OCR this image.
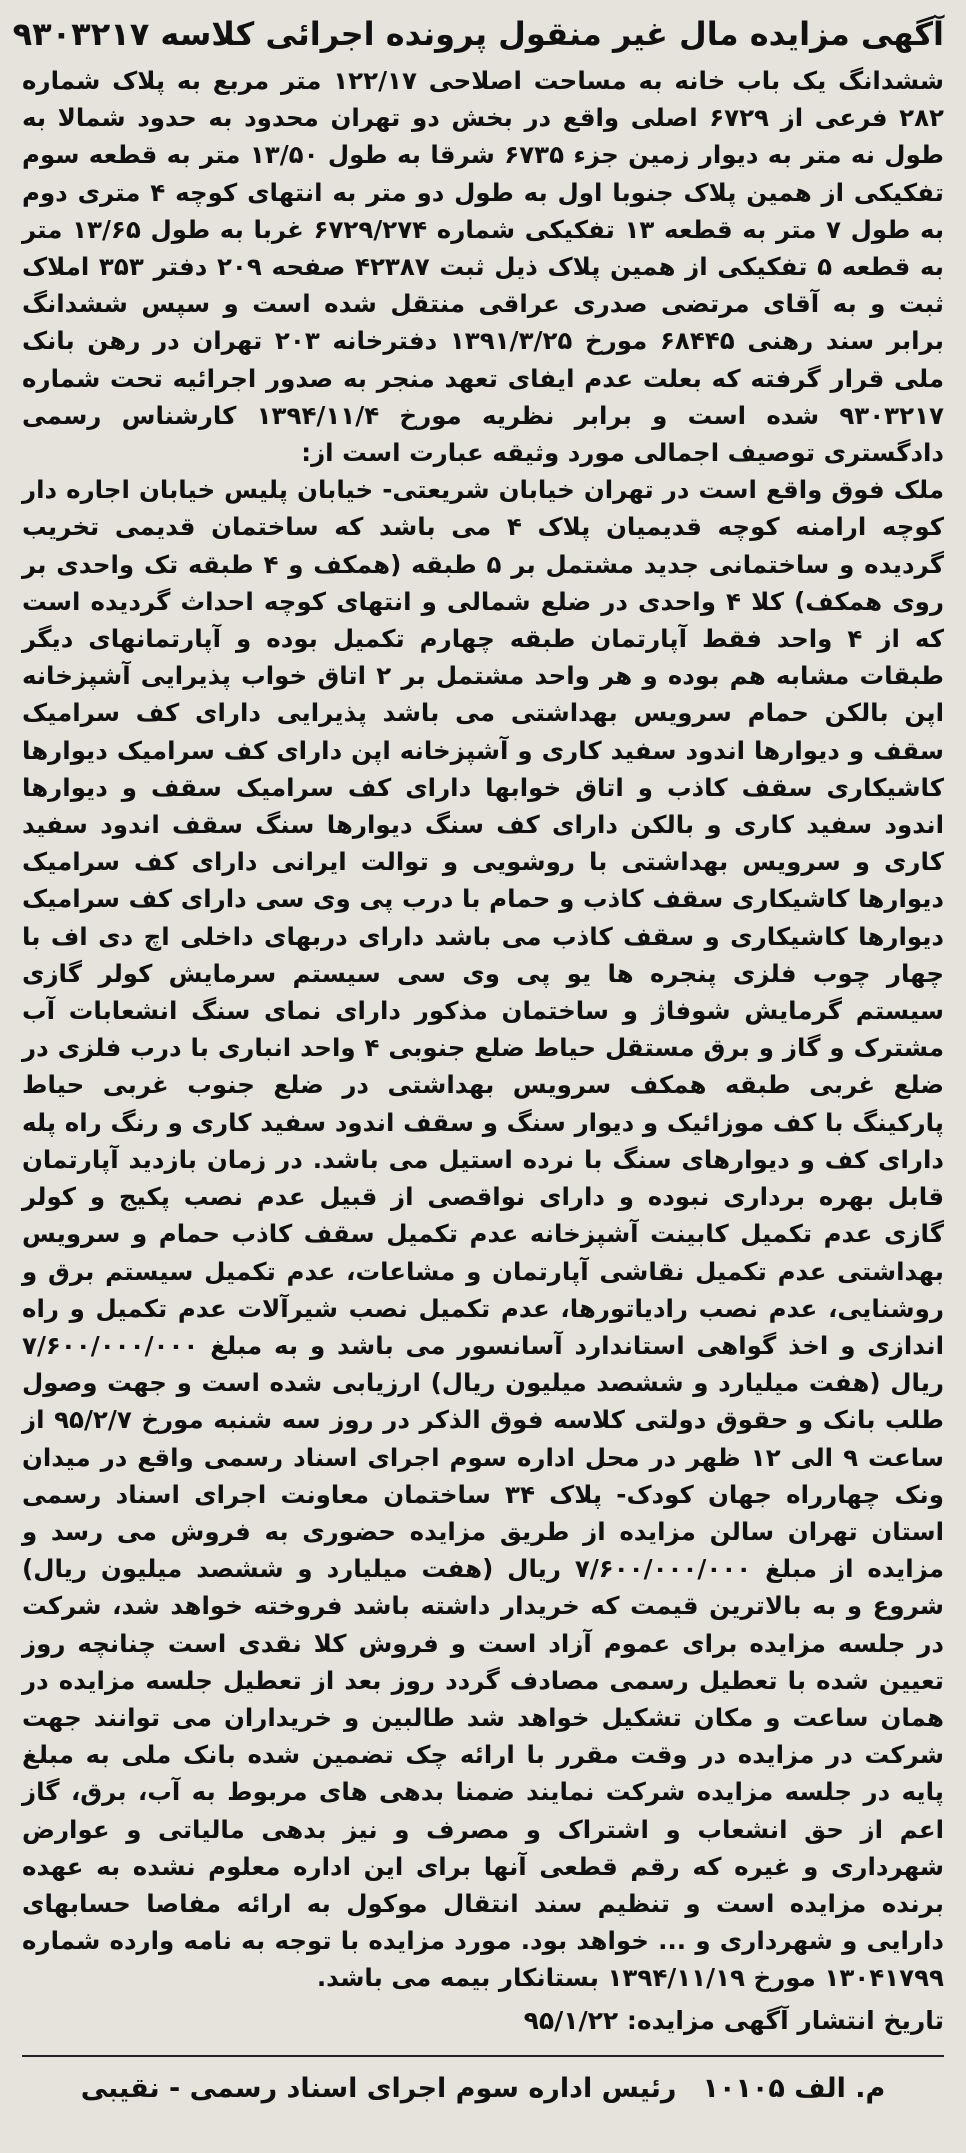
آگهی مزایده مال غیر منقول پرونده اجرائی کلاسه ۹۳۰۳۲۱۷

ششدانگ یک باب خانه به مساحت اصلاحی ۱۲۲/۱۷ متر مربع به پلاک شماره ۲۸۲ فرعی از ۶۷۲۹ اصلی واقع در بخش دو تهران محدود به حدود شمالا به طول نه متر به دیوار زمین جزء ۶۷۳۵ شرقا به طول ۱۳/۵۰ متر به قطعه سوم تفکیکی از همین پلاک جنوبا اول به طول دو متر به انتهای کوچه ۴ متری دوم به طول ۷ متر به قطعه ۱۳ تفکیکی شماره ۶۷۲۹/۲۷۴ غربا به طول ۱۳/۶۵ متر به قطعه ۵ تفکیکی از همین پلاک ذیل ثبت ۴۲۳۸۷ صفحه ۲۰۹ دفتر ۳۵۳ املاک ثبت و به آقای مرتضی صدری عراقی منتقل شده است و سپس ششدانگ برابر سند رهنی ۶۸۴۴۵ مورخ ۱۳۹۱/۳/۲۵ دفترخانه ۲۰۳ تهران در رهن بانک ملی قرار گرفته که بعلت عدم ایفای تعهد منجر به صدور اجرائیه تحت شماره ۹۳۰۳۲۱۷ شده است و برابر نظریه مورخ ۱۳۹۴/۱۱/۴ کارشناس رسمی دادگستری توصیف اجمالی مورد وثیقه عبارت است از:

ملک فوق واقع است در تهران خیابان شریعتی- خیابان پلیس خیابان اجاره دار کوچه ارامنه کوچه قدیمیان پلاک ۴ می باشد که ساختمان قدیمی تخریب گردیده و ساختمانی جدید مشتمل بر ۵ طبقه (همکف و ۴ طبقه تک واحدی بر روی همکف) کلا ۴ واحدی در ضلع شمالی و انتهای کوچه احداث گردیده است که از ۴ واحد فقط آپارتمان طبقه چهارم تکمیل بوده و آپارتمانهای دیگر طبقات مشابه هم بوده و هر واحد مشتمل بر ۲ اتاق خواب پذیرایی آشپزخانه اپن بالکن حمام سرویس بهداشتی می باشد پذیرایی دارای کف سرامیک سقف و دیوارها اندود سفید کاری و آشپزخانه اپن دارای کف سرامیک دیوارها کاشیکاری سقف کاذب و اتاق خوابها دارای کف سرامیک سقف و دیوارها اندود سفید کاری و بالکن دارای کف سنگ دیوارها سنگ سقف اندود سفید کاری و سرویس بهداشتی با روشویی و توالت ایرانی دارای کف سرامیک دیوارها کاشیکاری سقف کاذب و حمام با درب پی وی سی دارای کف سرامیک دیوارها کاشیکاری و سقف کاذب می باشد دارای دربهای داخلی اچ دی اف با چهار چوب فلزی پنجره ها یو پی وی سی سیستم سرمایش کولر گازی سیستم گرمایش شوفاژ و ساختمان مذکور دارای نمای سنگ انشعابات آب مشترک و گاز و برق مستقل حیاط ضلع جنوبی ۴ واحد انباری با درب فلزی در ضلع غربی طبقه همکف سرویس بهداشتی در ضلع جنوب غربی حیاط پارکینگ با کف موزائیک و دیوار سنگ و سقف اندود سفید کاری و رنگ راه پله دارای کف و دیوارهای سنگ با نرده استیل می باشد. در زمان بازدید آپارتمان قابل بهره برداری نبوده و دارای نواقصی از قبیل عدم نصب پکیج و کولر گازی عدم تکمیل کابینت آشپزخانه عدم تکمیل سقف کاذب حمام و سرویس بهداشتی عدم تکمیل نقاشی آپارتمان و مشاعات، عدم تکمیل سیستم برق و روشنایی، عدم نصب رادیاتورها، عدم تکمیل نصب شیرآلات عدم تکمیل و راه اندازی و اخذ گواهی استاندارد آسانسور می باشد و به مبلغ ۷/۶۰۰/۰۰۰/۰۰۰ ریال (هفت میلیارد و ششصد میلیون ریال) ارزیابی شده است و جهت وصول طلب بانک و حقوق دولتی کلاسه فوق الذکر در روز سه شنبه مورخ ۹۵/۲/۷ از ساعت ۹ الی ۱۲ ظهر در محل اداره سوم اجرای اسناد رسمی واقع در میدان ونک چهارراه جهان کودک- پلاک ۳۴ ساختمان معاونت اجرای اسناد رسمی استان تهران سالن مزایده از طریق مزایده حضوری به فروش می رسد و مزایده از مبلغ ۷/۶۰۰/۰۰۰/۰۰۰ ریال (هفت میلیارد و ششصد میلیون ریال) شروع و به بالاترین قیمت که خریدار داشته باشد فروخته خواهد شد، شرکت در جلسه مزایده برای عموم آزاد است و فروش کلا نقدی است چنانچه روز تعیین شده با تعطیل رسمی مصادف گردد روز بعد از تعطیل جلسه مزایده در همان ساعت و مکان تشکیل خواهد شد طالبین و خریداران می توانند جهت شرکت در مزایده در وقت مقرر با ارائه چک تضمین شده بانک ملی به مبلغ پایه در جلسه مزایده شرکت نمایند ضمنا بدهی های مربوط به آب، برق، گاز اعم از حق انشعاب و اشتراک و مصرف و نیز بدهی مالیاتی و عوارض شهرداری و غیره که رقم قطعی آنها برای این اداره معلوم نشده به عهده برنده مزایده است و تنظیم سند انتقال موکول به ارائه مفاصا حسابهای دارایی و شهرداری و ... خواهد بود. مورد مزایده با توجه به نامه وارده شماره ۱۳۰۴۱۷۹۹ مورخ ۱۳۹۴/۱۱/۱۹ بستانکار بیمه می باشد.

تاریخ انتشار آگهی مزایده: ۹۵/۱/۲۲
م. الف ۱۰۱۰۵
رئیس اداره سوم اجرای اسناد رسمی - نقیبی
